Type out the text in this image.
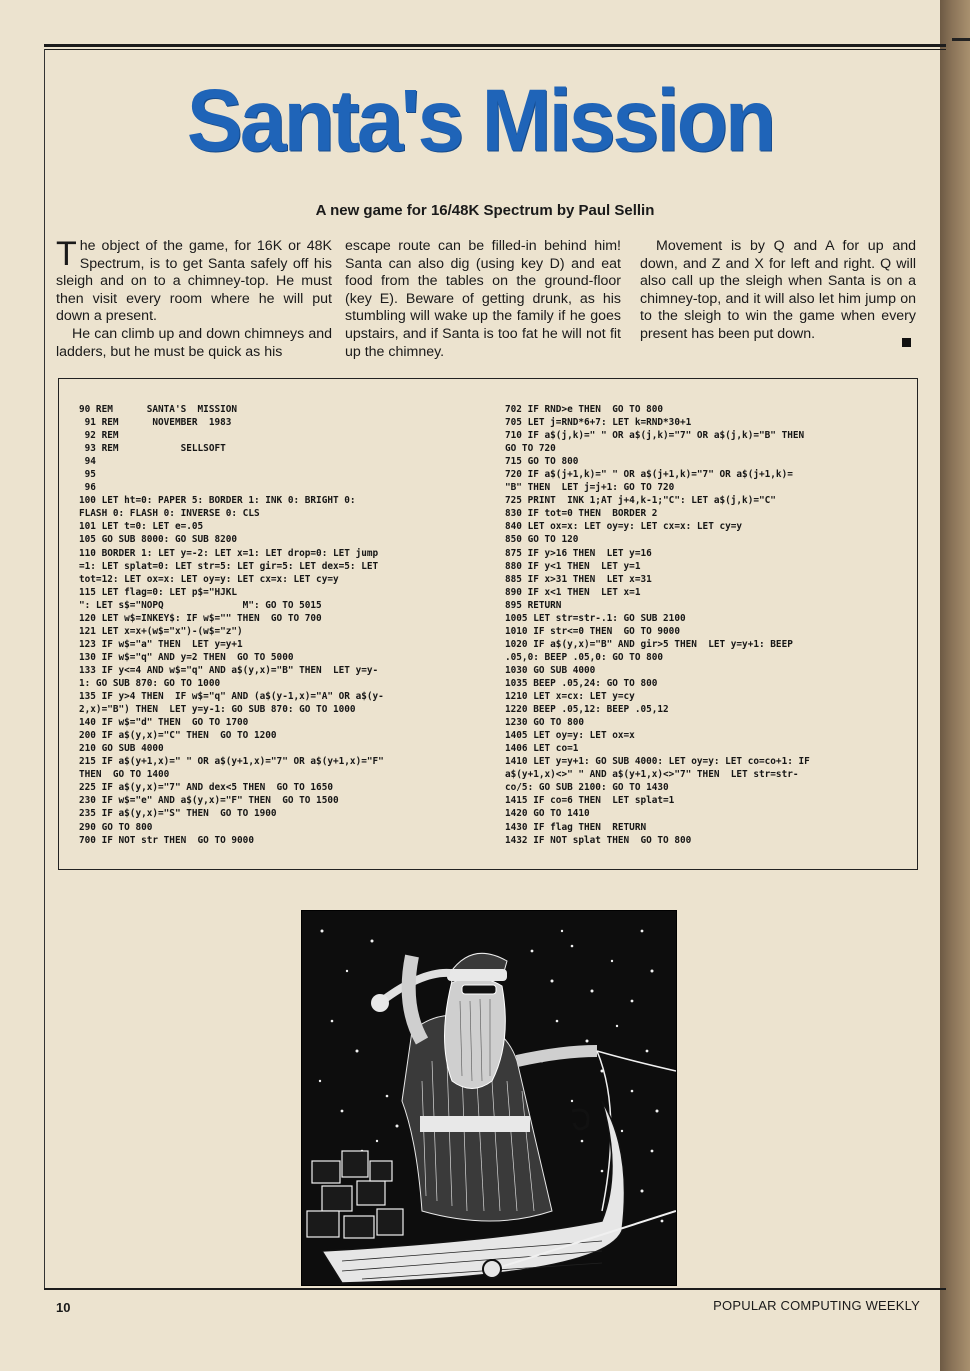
Santa's Mission
A new game for 16/48K Spectrum by Paul Sellin

The object of the game, for 16K or 48K Spectrum, is to get Santa safely off his sleigh and on to a chimney-top. He must then visit every room where he will put down a present.

He can climb up and down chimneys and ladders, but he must be quick as his

escape route can be filled-in behind him! Santa can also dig (using key D) and eat food from the tables on the ground-floor (key E). Beware of getting drunk, as his stumbling will wake up the family if he goes upstairs, and if Santa is too fat he will not fit up the chimney.

Movement is by Q and A for up and down, and Z and X for left and right. Q will also call up the sleigh when Santa is on a chimney-top, and it will also let him jump on to the sleigh to win the game when every present has been put down.

90 REM      SANTA'S  MISSION
91 REM      NOVEMBER  1983
92 REM
93 REM           SELLSOFT
94
95
96
100 LET ht=0: PAPER 5: BORDER 1: INK 0: BRIGHT 0:
FLASH 0: FLASH 0: INVERSE 0: CLS
101 LET t=0: LET e=.05
105 GO SUB 8000: GO SUB 8200
110 BORDER 1: LET y=-2: LET x=1: LET drop=0: LET jump
=1: LET splat=0: LET str=5: LET gir=5: LET dex=5: LET
tot=12: LET ox=x: LET oy=y: LET cx=x: LET cy=y
115 LET flag=0: LET p$="HJKL
": LET s$="NOPQ              M": GO TO 5015
120 LET w$=INKEY$: IF w$="" THEN  GO TO 700
121 LET x=x+(w$="x")-(w$="z")
123 IF w$="a" THEN  LET y=y+1
130 IF w$="q" AND y=2 THEN  GO TO 5000
133 IF y<=4 AND w$="q" AND a$(y,x)="B" THEN  LET y=y-
1: GO SUB 870: GO TO 1000
135 IF y>4 THEN  IF w$="q" AND (a$(y-1,x)="A" OR a$(y-
2,x)="B") THEN  LET y=y-1: GO SUB 870: GO TO 1000
140 IF w$="d" THEN  GO TO 1700
200 IF a$(y,x)="C" THEN  GO TO 1200
210 GO SUB 4000
215 IF a$(y+1,x)=" " OR a$(y+1,x)="7" OR a$(y+1,x)="F"
THEN  GO TO 1400
225 IF a$(y,x)="7" AND dex<5 THEN  GO TO 1650
230 IF w$="e" AND a$(y,x)="F" THEN  GO TO 1500
235 IF a$(y,x)="S" THEN  GO TO 1900
290 GO TO 800
700 IF NOT str THEN  GO TO 9000
702 IF RND>e THEN  GO TO 800
705 LET j=RND*6+7: LET k=RND*30+1
710 IF a$(j,k)=" " OR a$(j,k)="7" OR a$(j,k)="B" THEN
GO TO 720
715 GO TO 800
720 IF a$(j+1,k)=" " OR a$(j+1,k)="7" OR a$(j+1,k)=
"B" THEN  LET j=j+1: GO TO 720
725 PRINT  INK 1;AT j+4,k-1;"C": LET a$(j,k)="C"
830 IF tot=0 THEN  BORDER 2
840 LET ox=x: LET oy=y: LET cx=x: LET cy=y
850 GO TO 120
875 IF y>16 THEN  LET y=16
880 IF y<1 THEN  LET y=1
885 IF x>31 THEN  LET x=31
890 IF x<1 THEN  LET x=1
895 RETURN
1005 LET str=str-.1: GO SUB 2100
1010 IF str<=0 THEN  GO TO 9000
1020 IF a$(y,x)="B" AND gir>5 THEN  LET y=y+1: BEEP
.05,0: BEEP .05,0: GO TO 800
1030 GO SUB 4000
1035 BEEP .05,24: GO TO 800
1210 LET x=cx: LET y=cy
1220 BEEP .05,12: BEEP .05,12
1230 GO TO 800
1405 LET oy=y: LET ox=x
1406 LET co=1
1410 LET y=y+1: GO SUB 4000: LET oy=y: LET co=co+1: IF
a$(y+1,x)<>" " AND a$(y+1,x)<>"7" THEN  LET str=str-
co/5: GO SUB 2100: GO TO 1430
1415 IF co=6 THEN  LET splat=1
1420 GO TO 1410
1430 IF flag THEN  RETURN
1432 IF NOT splat THEN  GO TO 800
10	POPULAR COMPUTING WEEKLY
